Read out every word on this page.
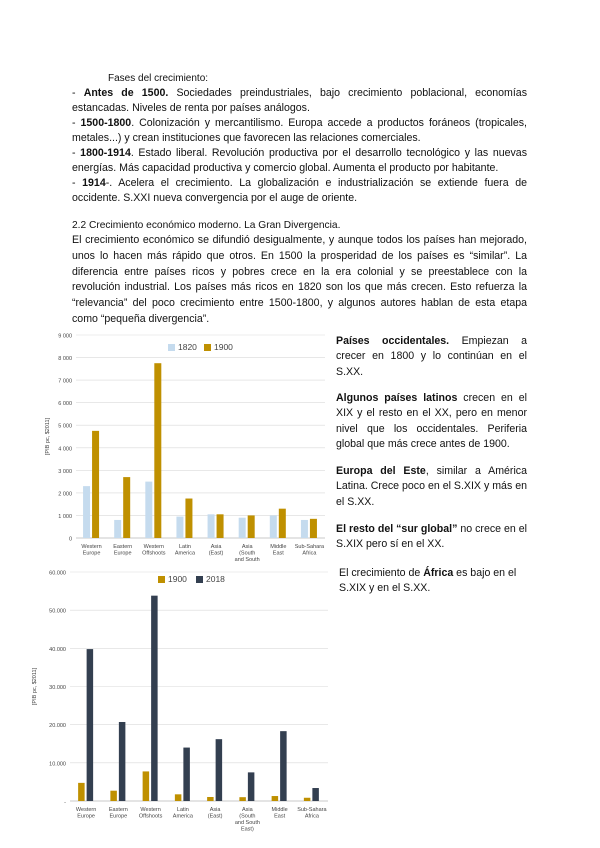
Fases del crecimiento:
- Antes de 1500. Sociedades preindustriales, bajo crecimiento poblacional, economías estancadas. Niveles de renta por países análogos.
- 1500-1800. Colonización y mercantilismo. Europa accede a productos foráneos (tropicales, metales...) y crean instituciones que favorecen las relaciones comerciales.
- 1800-1914. Estado liberal. Revolución productiva por el desarrollo tecnológico y las nuevas energías. Más capacidad productiva y comercio global. Aumenta el producto por habitante.
- 1914-. Acelera el crecimiento. La globalización e industrialización se extiende fuera de occidente. S.XXI nueva convergencia por el auge de oriente.
2.2 Crecimiento económico moderno. La Gran Divergencia.
El crecimiento económico se difundió desigualmente, y aunque todos los países han mejorado, unos lo hacen más rápido que otros. En 1500 la prosperidad de los países es “similar”. La diferencia entre países ricos y pobres crece en la era colonial y se preestablece con la revolución industrial. Los países más ricos en 1820 son los que más crecen. Esto refuerza la “relevancia” del poco crecimiento entre 1500-1800, y algunos autores hablan de esta etapa como “pequeña divergencia”.
0
1 000
2 000
3 000
4 000
5 000
6 000
7 000
8 000
9 000
[PIB pc, $2011]
Western Europe
Eastern Europe
Western Offshoots
Latin America
Asia (East)
Asia (South and South
Middle East
Sub-Sahara Africa
1820 1900
-
10.000
20.000
30.000
40.000
50.000
60.000
[PIB pc, $2011]
Western Europe
Eastern Europe
Western Offshoots
Latin America
Asia (East)
Asia (South and South East)
Middle East
Sub-Sahara Africa
1900 2018
Países occidentales. Empiezan a crecer en 1800 y lo continúan en el S.XX.
Algunos países latinos crecen en el XIX y el resto en el XX, pero en menor nivel que los occidentales. Periferia global que más crece antes de 1900.
Europa del Este, similar a América Latina. Crece poco en el S.XIX y más en el S.XX.
El resto del “sur global” no crece en el S.XIX pero sí en el XX.
El crecimiento de África es bajo en el S.XIX y en el S.XX.
